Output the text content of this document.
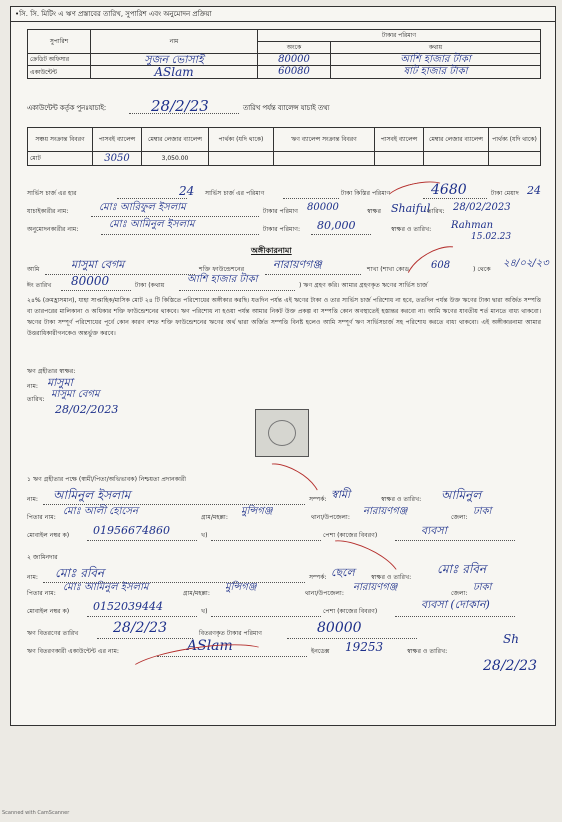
•সি. সি. মিটিং এ ঋণ প্রস্তাবের তারিখ, সুপারিশ এবং অনুমোদন প্রক্রিয়া
সুপারিশ	নাম	টাকার পরিমাণ	
		অংকে	কথায়
ক্রেডিট অফিসার	সুজন ভোসাই	80000	আশি হাজার টাকা
একাউন্টেন্ট	ASlam	60080	ষাট হাজার টাকা
একাউন্টেন্ট কর্তৃক পুনঃযাচাই:	28/2/23	তারিখ পর্যন্ত ব্যালেন্স যাচাই তথ্য
সঞ্চয় সংক্রান্ত বিবরণ	পাসবই ব্যালেন্স	মেম্বার লেজার ব্যালেন্স	পার্থক্য (যদি থাকে)	ঋণ ব্যালেন্স সংক্রান্ত বিবরণ	পাসবই ব্যালেন্স	মেম্বার লেজার ব্যালেন্স	পার্থক্য (যদি থাকে)
মোট	3050	3,050.00					
সার্ভিস চার্জ এর হার	24 সার্ভিস চার্জ এর পরিমাণ	টাকা কিস্তির পরিমাণ	4680	টাকা মেয়াদ 24
যাচাইকারীর নাম:	মোঃ আরিফুল ইসলাম	টাকার পরিমাণ 80000	স্বাক্ষর Shaiful
তারিখ: 28/02/2023
অনুমোদনকারীর নাম:	মোঃ আমিনুল ইসলাম	টাকার পরিমাণ: 80,000	স্বাক্ষর ও তারিখ: Rahman
15.02.23
অঙ্গীকারনামা
আমি	মাসুমা বেগম	শক্তি ফাউন্ডেশনের	নারায়ণগঞ্জ	শাখা (শাখা কোড 608	) থেকে
২৪/০২/২৩
ঈং তারিখ 80000	টাকা (কথায়
আশি হাজার টাকা
) ঋণ গ্রহণ করি। আমার গ্রহণকৃত ঋণের সার্ভিস চার্জ
২৪% (ক্রমহ্রাসমান), যাহা সাপ্তাহিক/মাসিক মোট ২৪ টি কিস্তিতে পরিশোধের অঙ্গীকার করছি। যতদিন পর্যন্ত এই ঋণের টাকা ও তার সার্ভিস চার্জ পরিশোধ না হবে, ততদিন পর্যন্ত উক্ত ঋণের টাকা দ্বারা অর্জিত সম্পত্তি বা তারপরের মালিকানা ও অধিকার শক্তি ফাউন্ডেশনের থাকবে। ঋণ পরিশোধ না হওয়া পর্যন্ত আমার নিকট উক্ত প্রকল্প বা সম্পত্তি কোন অবস্থাতেই হস্তান্তর করবো না। আমি ঋণের যাবতীয় শর্ত মানতে বাধ্য থাকবো। ঋণের টাকা সম্পূর্ণ পরিশোধের পূর্বে কোন কারণ বশত শক্তি ফাউন্ডেশনের ঋণের অর্থ দ্বারা অর্জিত সম্পত্তি বিনষ্ট হলেও আমি সম্পূর্ণ ঋণ সার্ভিসচার্জ সহ পরিশোধ করতে বাধ্য থাকবো। এই অঙ্গীকারনামা আমার উত্তরাধিকারীগনকেও অন্তর্ভুক্ত করবে।
ঋণ গ্রহীতার স্বাক্ষর:
নাম: মাসুমা
তারিখ: মাসুমা বেগম
28/02/2023
১ ঋণ গ্রহীতার পক্ষে (স্বামী/পিতা/অভিভাবক) নিশ্চয়তা প্রদানকারী
নাম: আমিনুল ইসলাম	সম্পর্ক: স্বামী	স্বাক্ষর ও তারিখ: আমিনুল
পিতার নাম:
মোঃ আলী হোসেন
গ্রাম/মহল্লা:
মুন্সিগঞ্জ
থানা/উপজেলা:
নারায়ণগঞ্জ
জেলা:
ঢাকা
মোবাইল নম্বর ক) 01956674860	খ)	পেশা (কাজের বিবরণ)	ব্যবসা
২ জামিনদার
নাম: মোঃ রবিন	সম্পর্ক: ছেলে	স্বাক্ষর ও তারিখ:
মোঃ রবিন
পিতার নাম:
মোঃ আমিনুল ইসলাম
গ্রাম/মহল্লা:
মুন্সিগঞ্জ
থানা/উপজেলা:
নারায়ণগঞ্জ
জেলা:
ঢাকা
মোবাইল নম্বর ক) 0152039444	খ)	পেশা (কাজের বিবরণ)
ব্যবসা (দোকান)
ঋণ বিতরণের তারিখ 28/2/23	বিতরণকৃত টাকার পরিমাণ	80000
ঋণ বিতরণকারী একাউন্টেন্ট এর নাম:	ASlam	ইনডেক্স 19253	স্বাক্ষর ও তারিখ:
Sh
28/2/23
Scanned with CamScanner
